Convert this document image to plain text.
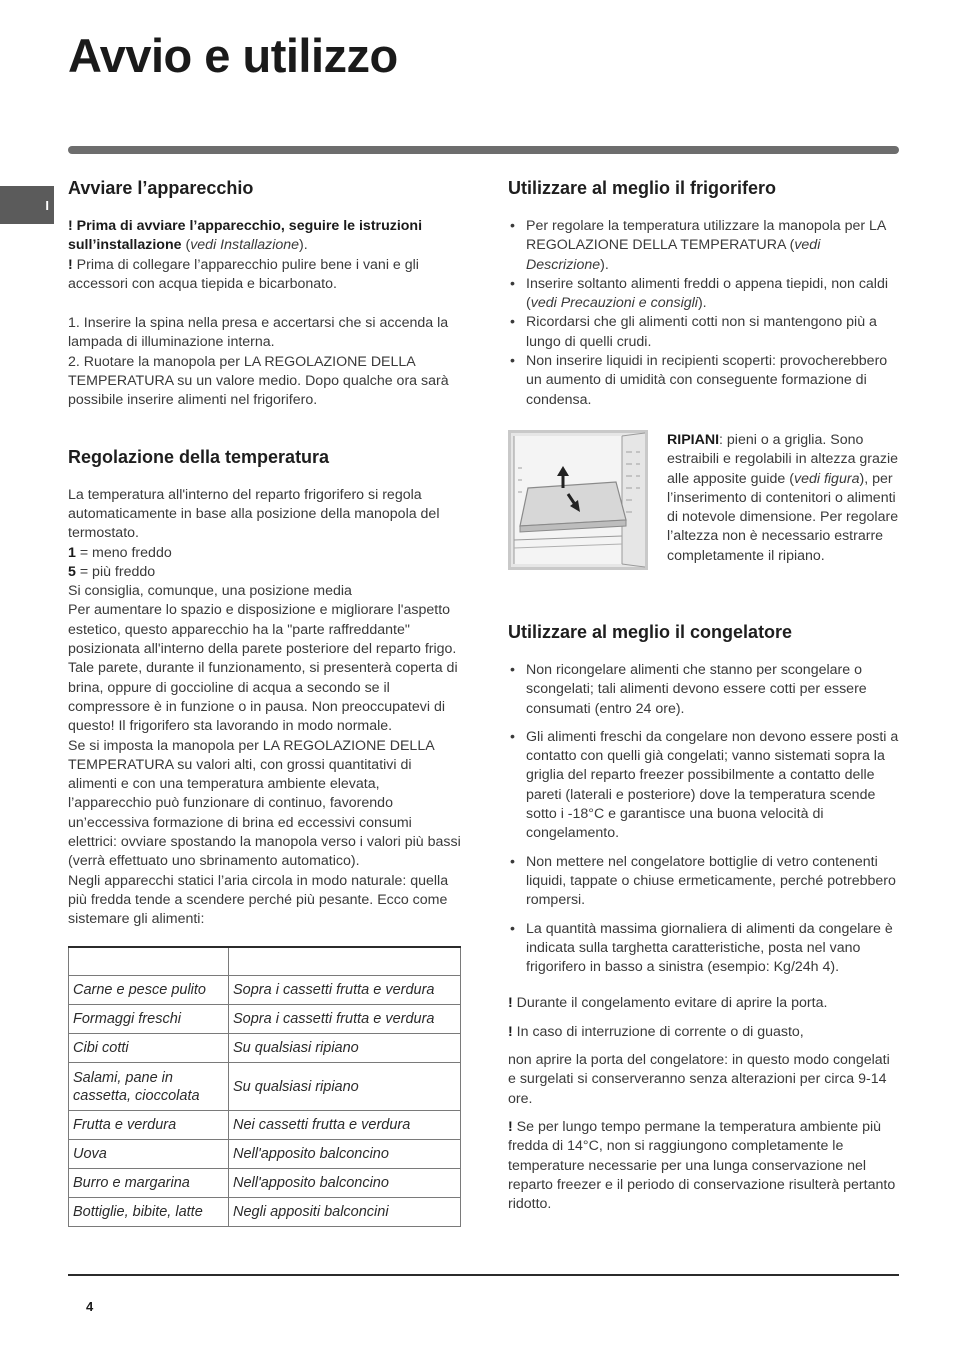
Avvio e utilizzo
I
Avviare l’apparecchio
! Prima di avviare l’apparecchio, seguire le istruzioni sull’installazione (vedi Installazione).
! Prima di collegare l’apparecchio pulire bene i vani e gli accessori con acqua tiepida e bicarbonato.
1. Inserire la spina nella presa e accertarsi che si accenda la lampada di illuminazione interna.
2. Ruotare la manopola per LA REGOLAZIONE DELLA TEMPERATURA su un valore medio. Dopo qualche ora sarà possibile inserire alimenti nel frigorifero.
Regolazione della temperatura
La temperatura all'interno del reparto frigorifero si regola automaticamente in base alla posizione della manopola del termostato.
1 = meno freddo
5 = più freddo
Si consiglia, comunque, una posizione media
Per aumentare lo spazio e disposizione e migliorare l'aspetto estetico, questo apparecchio ha la "parte raffreddante" posizionata all'interno della parete posteriore del reparto frigo. Tale parete, durante il funzionamento, si presenterà coperta di brina, oppure di goccioline di acqua a secondo se il compressore è in funzione o in pausa. Non preoccupatevi di questo! Il frigorifero sta lavorando in modo normale.
Se si imposta la manopola per LA REGOLAZIONE DELLA TEMPERATURA su valori alti, con grossi quantitativi di alimenti e con una temperatura ambiente elevata, l’apparecchio può funzionare di continuo, favorendo un’eccessiva formazione di brina ed eccessivi consumi elettrici: ovviare spostando la manopola verso i valori più bassi (verrà effettuato uno sbrinamento automatico).
Negli apparecchi statici l’aria circola in modo naturale: quella più fredda tende a scendere perché più pesante. Ecco come sistemare gli alimenti:

Carne e pesce pulito	Sopra i cassetti frutta e verdura
Formaggi freschi	Sopra i cassetti frutta e verdura
Cibi cotti	Su qualsiasi ripiano
Salami, pane in cassetta, cioccolata	Su qualsiasi ripiano
Frutta e verdura	Nei cassetti frutta e verdura
Uova	Nell'apposito balconcino
Burro e margarina	Nell'apposito balconcino
Bottiglie, bibite, latte	Negli appositi balconcini
Utilizzare al meglio il frigorifero
• Per regolare la temperatura utilizzare la manopola per LA REGOLAZIONE DELLA TEMPERATURA (vedi Descrizione).
• Inserire soltanto alimenti freddi o appena tiepidi, non caldi (vedi Precauzioni e consigli).
• Ricordarsi che gli alimenti cotti non si mantengono più a lungo di quelli crudi.
• Non inserire liquidi in recipienti scoperti: provocherebbero un aumento di umidità con conseguente formazione di condensa.
RIPIANI: pieni o a griglia. Sono estraibili e regolabili in altezza grazie alle apposite guide (vedi figura), per l’inserimento di contenitori o alimenti di notevole dimensione. Per regolare l’altezza non è necessario estrarre completamente il ripiano.
Utilizzare al meglio il congelatore
• Non ricongelare alimenti che stanno per scongelare o scongelati; tali alimenti devono essere cotti per essere consumati (entro 24 ore).
• Gli alimenti freschi da congelare non devono essere posti a contatto con quelli già congelati; vanno sistemati sopra la griglia del reparto freezer possibilmente a contatto delle pareti (laterali e posteriore) dove la temperatura scende sotto i -18°C e garantisce una buona velocità di congelamento.
• Non mettere nel congelatore bottiglie di vetro contenenti liquidi, tappate o chiuse ermeticamente, perché potrebbero rompersi.
• La quantità massima giornaliera di alimenti da congelare è indicata sulla targhetta caratteristiche, posta nel vano frigorifero in basso a sinistra (esempio: Kg/24h 4).
! Durante il congelamento evitare di aprire la porta.
! In caso di interruzione di corrente o di guasto,
non aprire la porta del congelatore: in questo modo congelati e surgelati si conserveranno senza alterazioni per circa 9-14 ore.
! Se per lungo tempo permane la temperatura ambiente più fredda di 14°C, non si raggiungono completamente le temperature necessarie per una lunga conservazione nel reparto freezer e il periodo di conservazione risulterà pertanto ridotto.
4
